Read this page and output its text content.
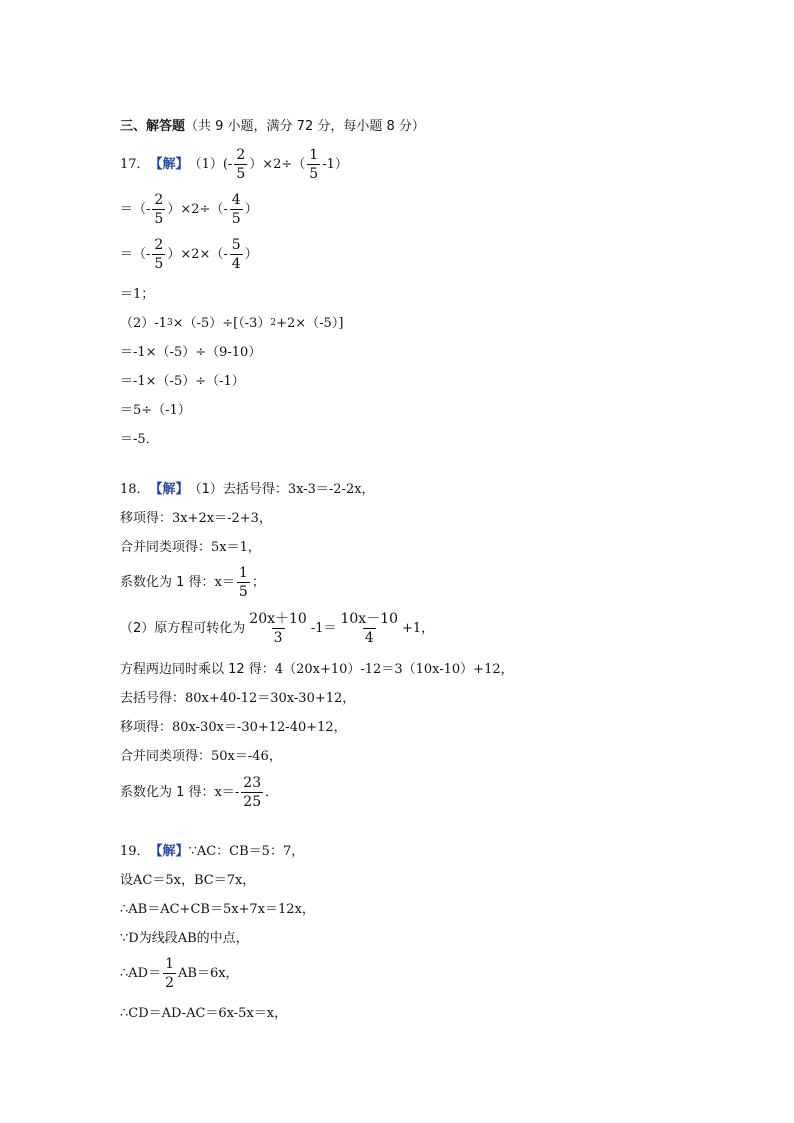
三、解答题 （共 9 小题，满分 72 分，每小题 8 分）
17． 【解】 $(1)(- \frac{2}{5} )\times 2\div( \frac{1}{5} -1)$
＝（- $\frac{2}{5} )\times 2\div(- \frac{4}{5}$ ）
＝（- $\frac{2}{5} )\times 2\times(- \frac{5}{4}$ ）
＝1；
（2）-1 3 ×（-5）÷[（-3） 2 +2×（-5）]
＝-1×（-5）÷（9-10）
＝-1×（-5）÷（-1）
＝5÷（-1）
＝-5．
18． 【解】 （1）去括号得： 3x-3＝-2-2x，
移项得： 3x+2x＝-2+3，
合并同类项得： 5x＝1，
系数化为 1 得： $x= \frac{1}{5}$ ；
（2）原方程可转化为 $\frac{20x+10}{3} -1= \frac{10x-10}{4} +1$，
方程两边同时乘以 12 得： 4（20x+10）-12＝3（10x-10）+12，
去括号得： 80x+40-12＝30x-30+12，
移项得： 80x-30x＝-30+12-40+12，
合并同类项得： 50x＝-46，
系数化为 1 得： $x=- \frac{23}{25}$ ．
19． 【解】 ∵AC：CB＝5：7，
设 AC＝5x，BC＝7x，
∴AB＝AC+CB＝5x+7x＝12x，
∵D 为线段 AB 的中点，
∴AD＝ $\frac{1}{2} AB=6x$，
∴CD＝AD-AC＝6x-5x＝x，
